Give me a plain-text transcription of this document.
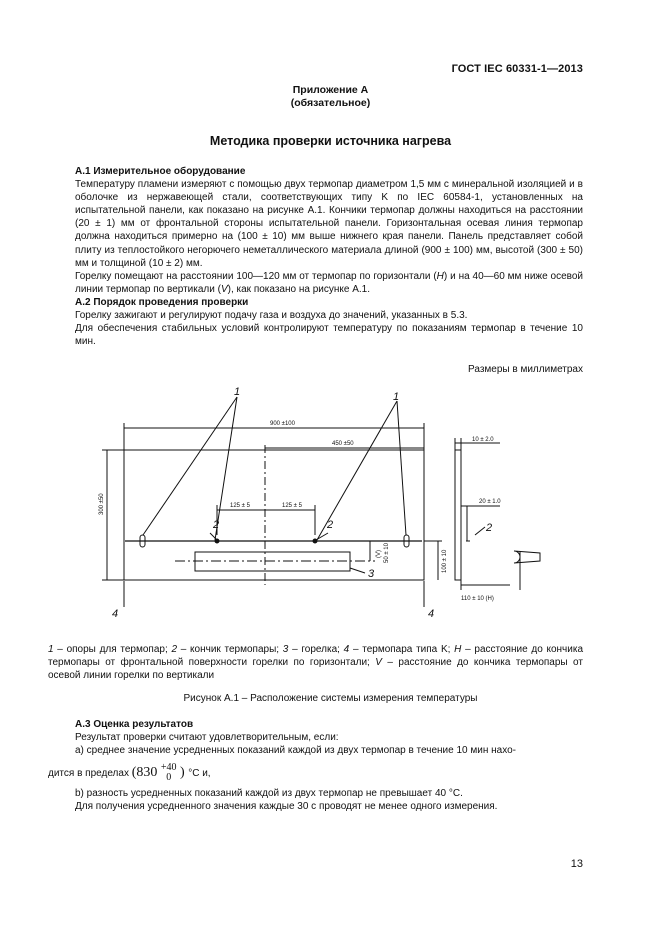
ГОСТ IEC 60331-1—2013
Приложение А
(обязательное)
Методика проверки источника нагрева

А.1 Измерительное оборудование

Температуру пламени измеряют с помощью двух термопар диаметром 1,5 мм с минеральной изоляцией и в оболочке из нержавеющей стали, соответствующих типу K по IEC 60584-1, установленных на испытательной панели, как показано на рисунке А.1. Кончики термопар должны находиться на расстоянии (20 ± 1) мм от фронтальной стороны испытательной панели. Горизонтальная осевая линия термопар должна находиться примерно на (100 ± 10) мм выше нижнего края панели. Панель представляет собой плиту из теплостойкого негорючего неметаллического материала длиной (900 ± 100) мм, высотой (300 ± 50) мм и толщиной (10 ± 2) мм.

Горелку помещают на расстоянии 100—120 мм от термопар по горизонтали (H) и на 40—60 мм ниже осевой линии термопар по вертикали (V), как показано на рисунке А.1.

А.2 Порядок проведения проверки

Горелку зажигают и регулируют подачу газа и воздуха до значений, указанных в 5.3.

Для обеспечения стабильных условий контролируют температуру по показаниям термопар в течение 10 мин.

Размеры в миллиметрах
900 ±100
450 ±50
300 ±50	125 ± 5	125 ± 5
100 ± 10
(V) 50 ± 10
10 ± 2.0
20 ± 1.0
110 ± 10 (H)
1	1
2	2	2
3
4	4
1 – опоры для термопар; 2 – кончик термопары; 3 – горелка; 4 – термопара типа K; H – расстояние до кончика термопары от фронтальной поверхности горелки по горизонтали; V – расстояние до кончика термопары от осевой линии горелки по вертикали
Рисунок А.1 – Расположение системы измерения температуры

А.3 Оценка результатов

Результат проверки считают удовлетворительным, если:

а) среднее значение усредненных показаний каждой из двух термопар в течение 10 мин нахо-

дится в пределах (830 +40
0 ) °С и,

b) разность усредненных показаний каждой из двух термопар не превышает 40 °С.

Для получения усредненного значения каждые 30 с проводят не менее одного измерения.

13
